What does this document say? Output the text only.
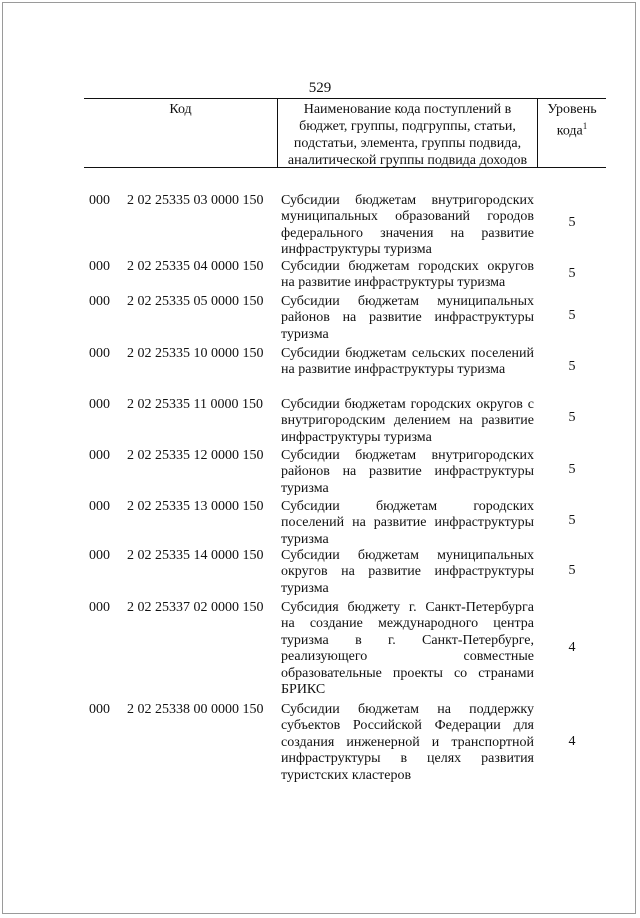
529
Код	Наименование кода поступлений в бюджет, группы, подгруппы, статьи, подстатьи, элемента, группы подвида, аналитической группы подвида доходов
Уровень кода$^1$
000 2 02 25335 03 0000 150 Субсидии бюджетам внутригородских муниципальных образований городов федерального значения на развитие инфраструктуры туризма
5
000 2 02 25335 04 0000 150 Субсидии бюджетам городских округов на развитие инфраструктуры туризма
5
000 2 02 25335 05 0000 150 Субсидии бюджетам муниципальных районов на развитие инфраструктуры туризма
5
000 2 02 25335 10 0000 150 Субсидии бюджетам сельских поселений на развитие инфраструктуры туризма	5
000 2 02 25335 11 0000 150 Субсидии бюджетам городских округов с внутригородским делением на развитие инфраструктуры туризма
5
000 2 02 25335 12 0000 150 Субсидии бюджетам внутригородских районов на развитие инфраструктуры туризма
5
000 2 02 25335 13 0000 150 Субсидии бюджетам городских поселений на развитие инфраструктуры туризма
5
000 2 02 25335 14 0000 150 Субсидии бюджетам муниципальных округов на развитие инфраструктуры туризма
5
000 2 02 25337 02 0000 150 Субсидия бюджету г. Санкт-Петербурга на создание международного центра туризма в г. Санкт-Петербурге, реализующего совместные образовательные проекты со странами БРИКС
4
000 2 02 25338 00 0000 150 Субсидии бюджетам на поддержку субъектов Российской Федерации для создания инженерной и транспортной инфраструктуры в целях развития туристских кластеров
4
